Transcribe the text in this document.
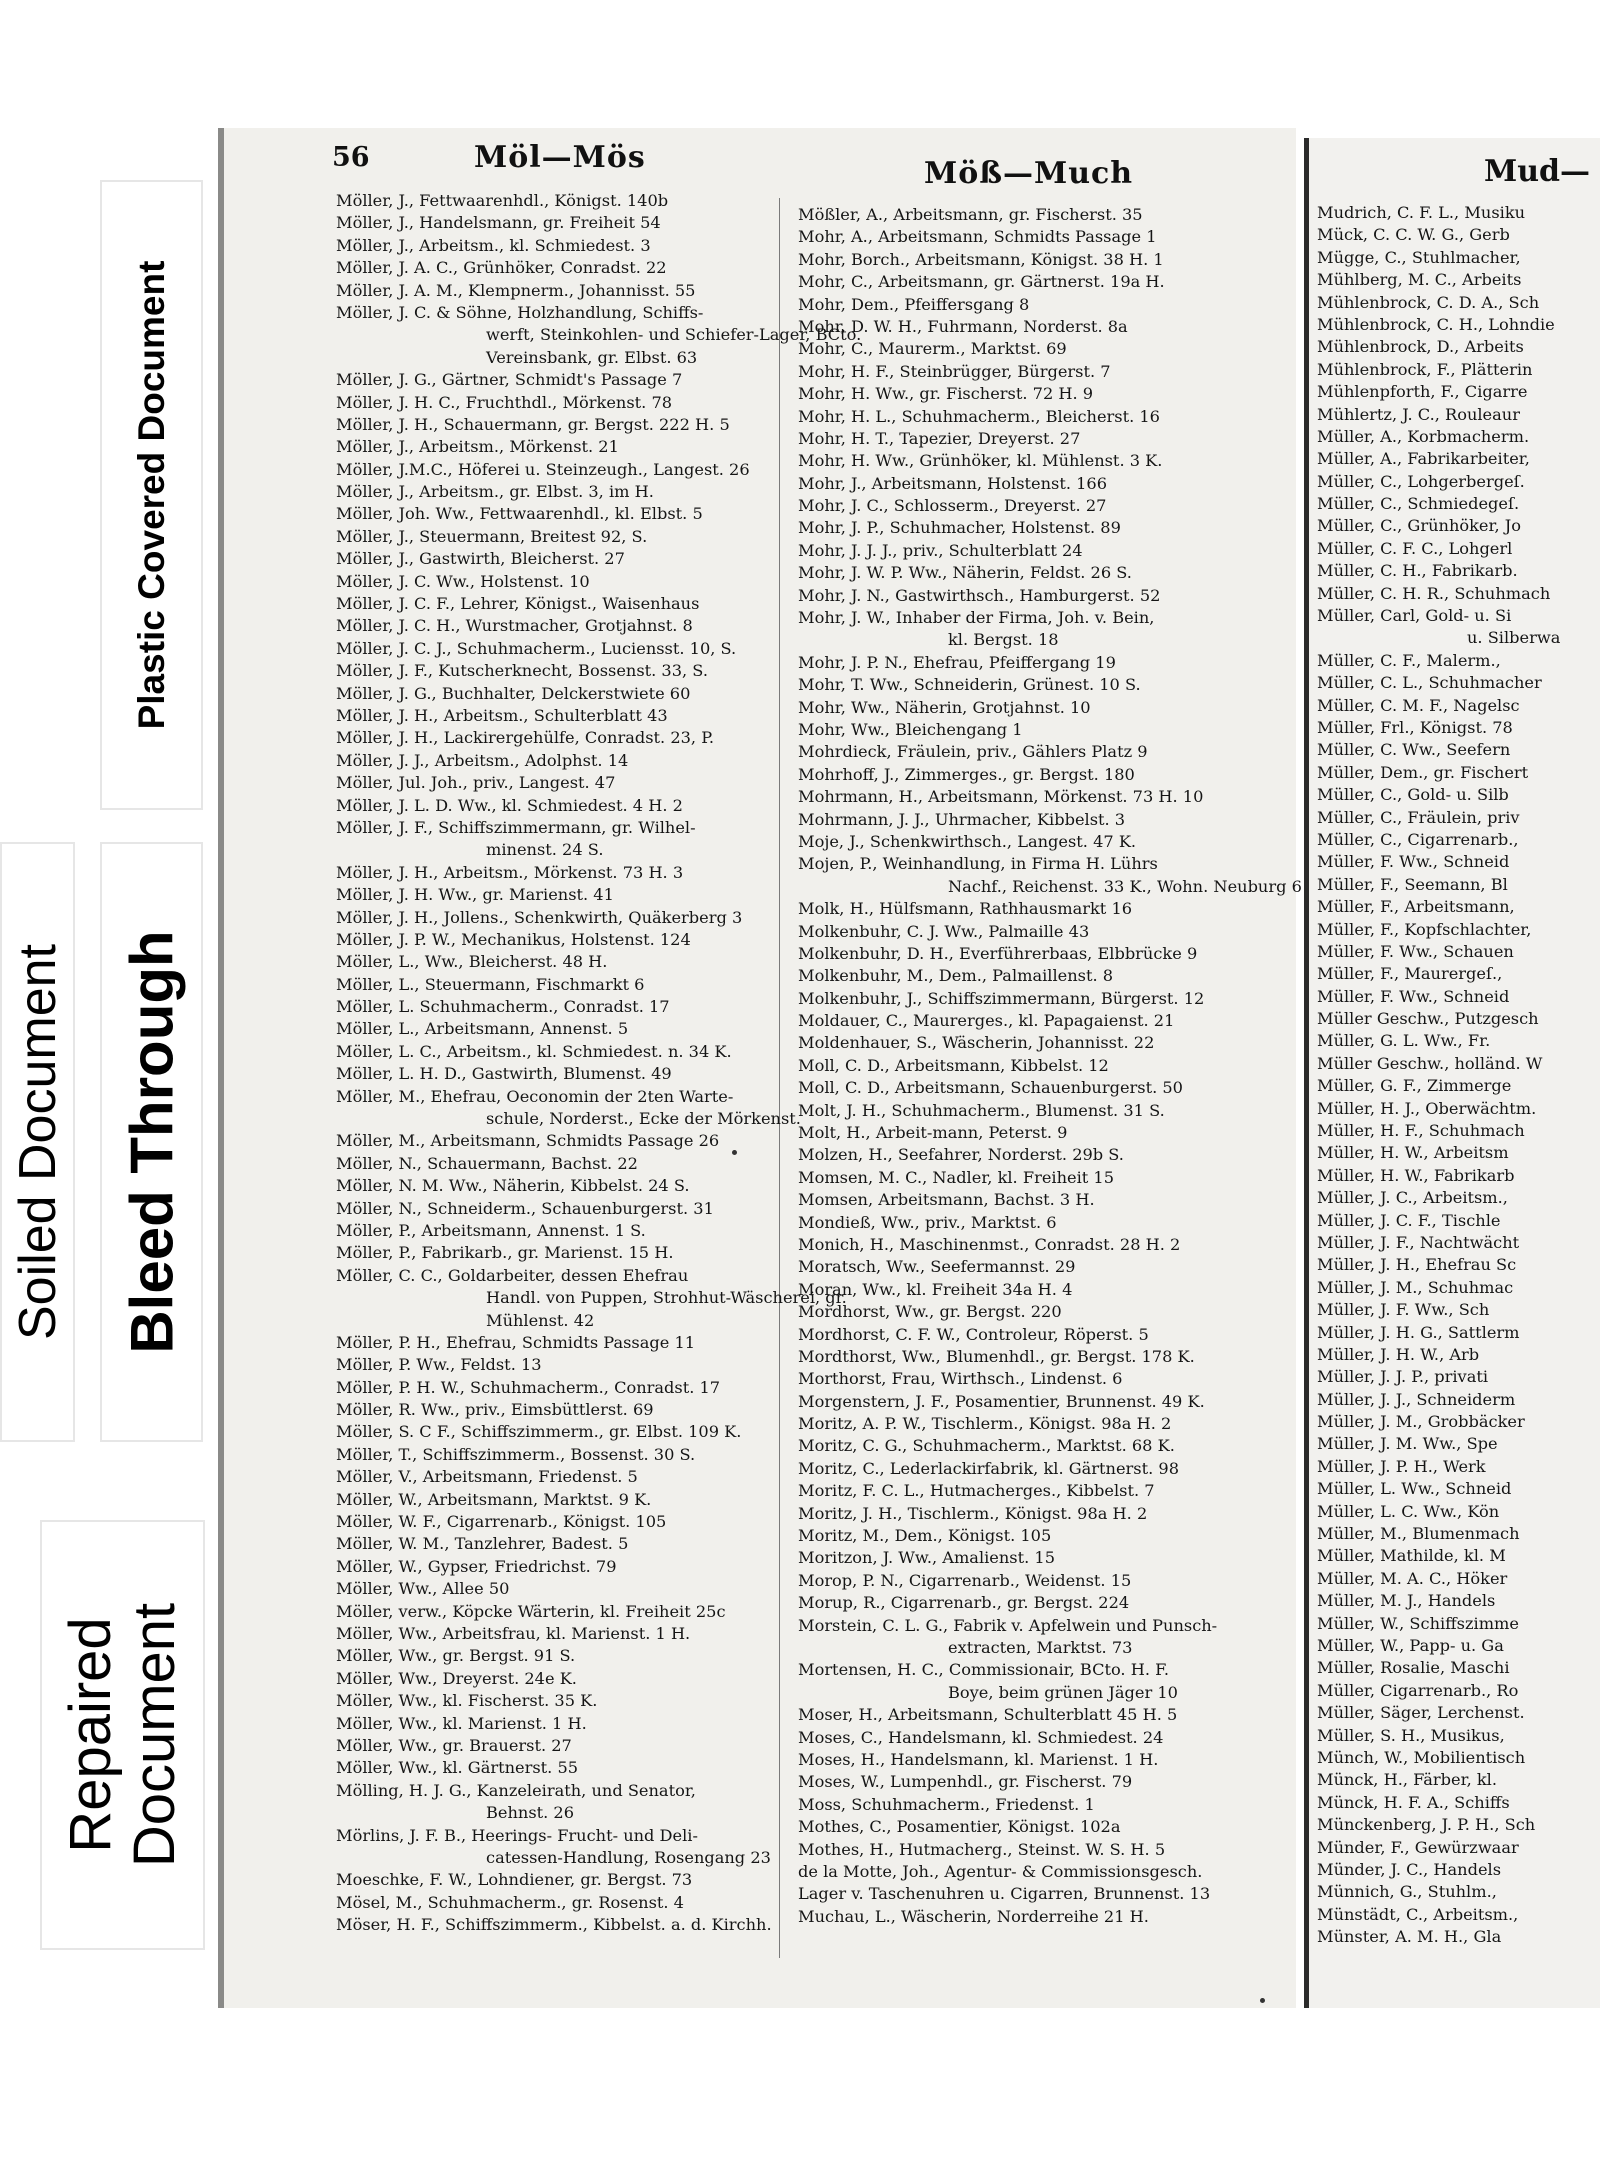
Soiled Document Bleed Through
Plastic Covered Document
Repaired Document
56	Möl—Mös	Möß—Much
Möller, J., Fettwaarenhdl., Königst. 140b
Möller, J., Handelsmann, gr. Freiheit 54
Möller, J., Arbeitsm., kl. Schmiedest. 3
Möller, J. A. C., Grünhöker, Conradst. 22
Möller, J. A. M., Klempnerm., Johannisst. 55
Möller, J. C. & Söhne, Holzhandlung, Schiffs-
werft, Steinkohlen- und Schiefer-Lager, BCto.
Vereinsbank, gr. Elbst. 63
Möller, J. G., Gärtner, Schmidt's Passage 7
Möller, J. H. C., Fruchthdl., Mörkenst. 78
Möller, J. H., Schauermann, gr. Bergst. 222 H. 5
Möller, J., Arbeitsm., Mörkenst. 21
Möller, J.M.C., Höferei u. Steinzeugh., Langest. 26
Möller, J., Arbeitsm., gr. Elbst. 3, im H.
Möller, Joh. Ww., Fettwaarenhdl., kl. Elbst. 5
Möller, J., Steuermann, Breitest 92, S.
Möller, J., Gastwirth, Bleicherst. 27
Möller, J. C. Ww., Holstenst. 10
Möller, J. C. F., Lehrer, Königst., Waisenhaus
Möller, J. C. H., Wurstmacher, Grotjahnst. 8
Möller, J. C. J., Schuhmacherm., Luciensst. 10, S.
Möller, J. F., Kutscherknecht, Bossenst. 33, S.
Möller, J. G., Buchhalter, Delckerstwiete 60
Möller, J. H., Arbeitsm., Schulterblatt 43
Möller, J. H., Lackirergehülfe, Conradst. 23, P.
Möller, J. J., Arbeitsm., Adolphst. 14
Möller, Jul. Joh., priv., Langest. 47
Möller, J. L. D. Ww., kl. Schmiedest. 4 H. 2
Möller, J. F., Schiffszimmermann, gr. Wilhel-
minenst. 24 S.
Möller, J. H., Arbeitsm., Mörkenst. 73 H. 3
Möller, J. H. Ww., gr. Marienst. 41
Möller, J. H., Jollens., Schenkwirth, Quäkerberg 3
Möller, J. P. W., Mechanikus, Holstenst. 124
Möller, L., Ww., Bleicherst. 48 H.
Möller, L., Steuermann, Fischmarkt 6
Möller, L. Schuhmacherm., Conradst. 17
Möller, L., Arbeitsmann, Annenst. 5
Möller, L. C., Arbeitsm., kl. Schmiedest. n. 34 K.
Möller, L. H. D., Gastwirth, Blumenst. 49
Möller, M., Ehefrau, Oeconomin der 2ten Warte-
schule, Norderst., Ecke der Mörkenst.
Möller, M., Arbeitsmann, Schmidts Passage 26
Möller, N., Schauermann, Bachst. 22
Möller, N. M. Ww., Näherin, Kibbelst. 24 S.
Möller, N., Schneiderm., Schauenburgerst. 31
Möller, P., Arbeitsmann, Annenst. 1 S.
Möller, P., Fabrikarb., gr. Marienst. 15 H.
Möller, C. C., Goldarbeiter, dessen Ehefrau
Handl. von Puppen, Strohhut-Wäscherei, gr.
Mühlenst. 42
Möller, P. H., Ehefrau, Schmidts Passage 11
Möller, P. Ww., Feldst. 13
Möller, P. H. W., Schuhmacherm., Conradst. 17
Möller, R. Ww., priv., Eimsbüttlerst. 69
Möller, S. C F., Schiffszimmerm., gr. Elbst. 109 K.
Möller, T., Schiffszimmerm., Bossenst. 30 S.
Möller, V., Arbeitsmann, Friedenst. 5
Möller, W., Arbeitsmann, Marktst. 9 K.
Möller, W. F., Cigarrenarb., Königst. 105
Möller, W. M., Tanzlehrer, Badest. 5
Möller, W., Gypser, Friedrichst. 79
Möller, Ww., Allee 50
Möller, verw., Köpcke Wärterin, kl. Freiheit 25c
Möller, Ww., Arbeitsfrau, kl. Marienst. 1 H.
Möller, Ww., gr. Bergst. 91 S.
Möller, Ww., Dreyerst. 24e K.
Möller, Ww., kl. Fischerst. 35 K.
Möller, Ww., kl. Marienst. 1 H.
Möller, Ww., gr. Brauerst. 27
Möller, Ww., kl. Gärtnerst. 55
Mölling, H. J. G., Kanzeleirath, und Senator,
Behnst. 26
Mörlins, J. F. B., Heerings- Frucht- und Deli-
catessen-Handlung, Rosengang 23
Moeschke, F. W., Lohndiener, gr. Bergst. 73
Mösel, M., Schuhmacherm., gr. Rosenst. 4
Möser, H. F., Schiffszimmerm., Kibbelst. a. d. Kirchh.
Mößler, A., Arbeitsmann, gr. Fischerst. 35
Mohr, A., Arbeitsmann, Schmidts Passage 1
Mohr, Borch., Arbeitsmann, Königst. 38 H. 1
Mohr, C., Arbeitsmann, gr. Gärtnerst. 19a H.
Mohr, Dem., Pfeiffersgang 8
Mohr, D. W. H., Fuhrmann, Norderst. 8a
Mohr, C., Maurerm., Marktst. 69
Mohr, H. F., Steinbrügger, Bürgerst. 7
Mohr, H. Ww., gr. Fischerst. 72 H. 9
Mohr, H. L., Schuhmacherm., Bleicherst. 16
Mohr, H. T., Tapezier, Dreyerst. 27
Mohr, H. Ww., Grünhöker, kl. Mühlenst. 3 K.
Mohr, J., Arbeitsmann, Holstenst. 166
Mohr, J. C., Schlosserm., Dreyerst. 27
Mohr, J. P., Schuhmacher, Holstenst. 89
Mohr, J. J. J., priv., Schulterblatt 24
Mohr, J. W. P. Ww., Näherin, Feldst. 26 S.
Mohr, J. N., Gastwirthsch., Hamburgerst. 52
Mohr, J. W., Inhaber der Firma, Joh. v. Bein,
kl. Bergst. 18
Mohr, J. P. N., Ehefrau, Pfeiffergang 19
Mohr, T. Ww., Schneiderin, Grünest. 10 S.
Mohr, Ww., Näherin, Grotjahnst. 10
Mohr, Ww., Bleichengang 1
Mohrdieck, Fräulein, priv., Gählers Platz 9
Mohrhoff, J., Zimmerges., gr. Bergst. 180
Mohrmann, H., Arbeitsmann, Mörkenst. 73 H. 10
Mohrmann, J. J., Uhrmacher, Kibbelst. 3
Moje, J., Schenkwirthsch., Langest. 47 K.
Mojen, P., Weinhandlung, in Firma H. Lührs
Nachf., Reichenst. 33 K., Wohn. Neuburg 6
Molk, H., Hülfsmann, Rathhausmarkt 16
Molkenbuhr, C. J. Ww., Palmaille 43
Molkenbuhr, D. H., Everführerbaas, Elbbrücke 9
Molkenbuhr, M., Dem., Palmaillenst. 8
Molkenbuhr, J., Schiffszimmermann, Bürgerst. 12
Moldauer, C., Maurerges., kl. Papagaienst. 21
Moldenhauer, S., Wäscherin, Johannisst. 22
Moll, C. D., Arbeitsmann, Kibbelst. 12
Moll, C. D., Arbeitsmann, Schauenburgerst. 50
Molt, J. H., Schuhmacherm., Blumenst. 31 S.
Molt, H., Arbeit-mann, Peterst. 9
Molzen, H., Seefahrer, Norderst. 29b S.
Momsen, M. C., Nadler, kl. Freiheit 15
Momsen, Arbeitsmann, Bachst. 3 H.
Mondieß, Ww., priv., Marktst. 6
Monich, H., Maschinenmst., Conradst. 28 H. 2
Moratsch, Ww., Seefermannst. 29
Moran, Ww., kl. Freiheit 34a H. 4
Mordhorst, Ww., gr. Bergst. 220
Mordhorst, C. F. W., Controleur, Röperst. 5
Mordthorst, Ww., Blumenhdl., gr. Bergst. 178 K.
Morthorst, Frau, Wirthsch., Lindenst. 6
Morgenstern, J. F., Posamentier, Brunnenst. 49 K.
Moritz, A. P. W., Tischlerm., Königst. 98a H. 2
Moritz, C. G., Schuhmacherm., Marktst. 68 K.
Moritz, C., Lederlackirfabrik, kl. Gärtnerst. 98
Moritz, F. C. L., Hutmacherges., Kibbelst. 7
Moritz, J. H., Tischlerm., Königst. 98a H. 2
Moritz, M., Dem., Königst. 105
Moritzon, J. Ww., Amalienst. 15
Morop, P. N., Cigarrenarb., Weidenst. 15
Morup, R., Cigarrenarb., gr. Bergst. 224
Morstein, C. L. G., Fabrik v. Apfelwein und Punsch-
extracten, Marktst. 73
Mortensen, H. C., Commissionair, BCto. H. F.
Boye, beim grünen Jäger 10
Moser, H., Arbeitsmann, Schulterblatt 45 H. 5
Moses, C., Handelsmann, kl. Schmiedest. 24
Moses, H., Handelsmann, kl. Marienst. 1 H.
Moses, W., Lumpenhdl., gr. Fischerst. 79
Moss, Schuhmacherm., Friedenst. 1
Mothes, C., Posamentier, Königst. 102a
Mothes, H., Hutmacherg., Steinst. W. S. H. 5
de la Motte, Joh., Agentur- & Commissionsgesch.
Lager v. Taschenuhren u. Cigarren, Brunnenst. 13
Muchau, L., Wäscherin, Norderreihe 21 H.
Mud—
Mudrich, C. F. L., Musiku
Mück, C. C. W. G., Gerb
Mügge, C., Stuhlmacher,
Mühlberg, M. C., Arbeits
Mühlenbrock, C. D. A., Sch
Mühlenbrock, C. H., Lohndie
Mühlenbrock, D., Arbeits
Mühlenbrock, F., Plätterin
Mühlenpforth, F., Cigarre
Mühlertz, J. C., Rouleaur
Müller, A., Korbmacherm.
Müller, A., Fabrikarbeiter,
Müller, C., Lohgerbergeſ.
Müller, C., Schmiedegeſ.
Müller, C., Grünhöker, Jo
Müller, C. F. C., Lohgerl
Müller, C. H., Fabrikarb.
Müller, C. H. R., Schuhmach
Müller, Carl, Gold- u. Si
u. Silberwa
Müller, C. F., Malerm.,
Müller, C. L., Schuhmacher
Müller, C. M. F., Nagelsc
Müller, Frl., Königst. 78
Müller, C. Ww., Seefern
Müller, Dem., gr. Fischert
Müller, C., Gold- u. Silb
Müller, C., Fräulein, priv
Müller, C., Cigarrenarb.,
Müller, F. Ww., Schneid
Müller, F., Seemann, Bl
Müller, F., Arbeitsmann,
Müller, F., Kopfschlachter,
Müller, F. Ww., Schauen
Müller, F., Maurergeſ.,
Müller, F. Ww., Schneid
Müller Geschw., Putzgesch
Müller, G. L. Ww., Fr.
Müller Geschw., holländ. W
Müller, G. F., Zimmerge
Müller, H. J., Oberwächtm.
Müller, H. F., Schuhmach
Müller, H. W., Arbeitsm
Müller, H. W., Fabrikarb
Müller, J. C., Arbeitsm.,
Müller, J. C. F., Tischle
Müller, J. F., Nachtwächt
Müller, J. H., Ehefrau Sc
Müller, J. M., Schuhmac
Müller, J. F. Ww., Sch
Müller, J. H. G., Sattlerm
Müller, J. H. W., Arb
Müller, J. J. P., privati
Müller, J. J., Schneiderm
Müller, J. M., Grobbäcker
Müller, J. M. Ww., Spe
Müller, J. P. H., Werk
Müller, L. Ww., Schneid
Müller, L. C. Ww., Kön
Müller, M., Blumenmach
Müller, Mathilde, kl. M
Müller, M. A. C., Höker
Müller, M. J., Handels
Müller, W., Schiffszimme
Müller, W., Papp- u. Ga
Müller, Rosalie, Maschi
Müller, Cigarrenarb., Ro
Müller, Säger, Lerchenst.
Müller, S. H., Musikus,
Münch, W., Mobilientisch
Münck, H., Färber, kl.
Münck, H. F. A., Schiffs
Münckenberg, J. P. H., Sch
Münder, F., Gewürzwaar
Münder, J. C., Handels
Münnich, G., Stuhlm.,
Münstädt, C., Arbeitsm.,
Münster, A. M. H., Gla
